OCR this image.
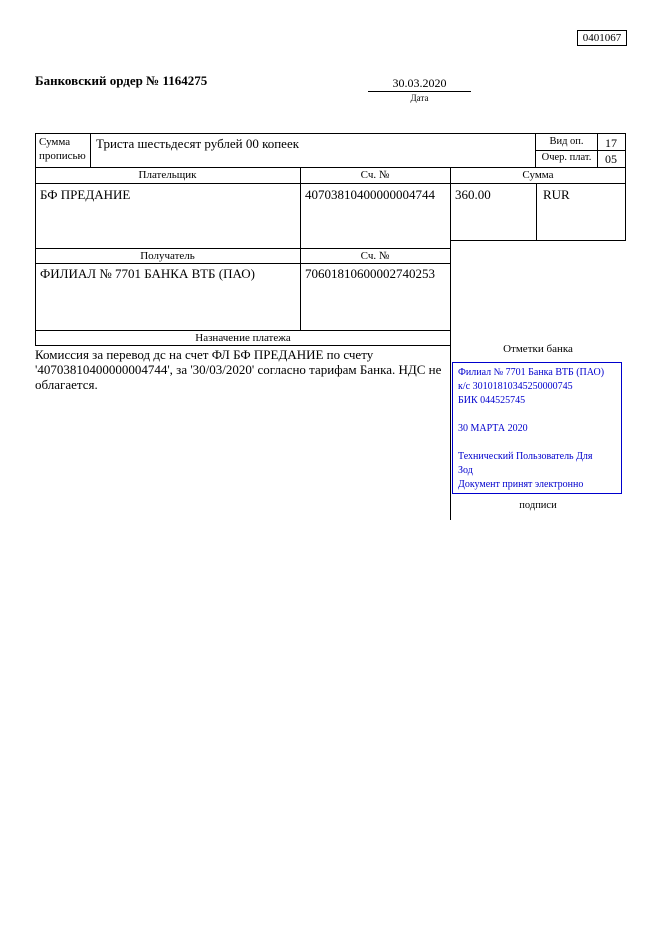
0401067
Банковский ордер № 1164275	30.03.2020
Дата
Сумма
прописью
Триста шестьдесят рублей 00 копеек	Вид оп.	17
Очер. плат.	05
Плательщик	Сч. №	Сумма
БФ ПРЕДАНИЕ	40703810400000004744 360.00	RUR
Получатель	Сч. №
ФИЛИАЛ № 7701 БАНКА ВТБ (ПАО)	70601810600002740253
Назначение платежа
Отметки банка
Комиссия за перевод дс на счет ФЛ БФ ПРЕДАНИЕ по счету '40703810400000004744', за '30/03/2020' согласно тарифам Банка. НДС не облагается.
Филиал № 7701 Банка ВТБ (ПАО)
к/с 30101810345250000745
БИК 044525745
30 МАРТА 2020
Технический Пользователь Для
Зод
Документ принят электронно
подписи
